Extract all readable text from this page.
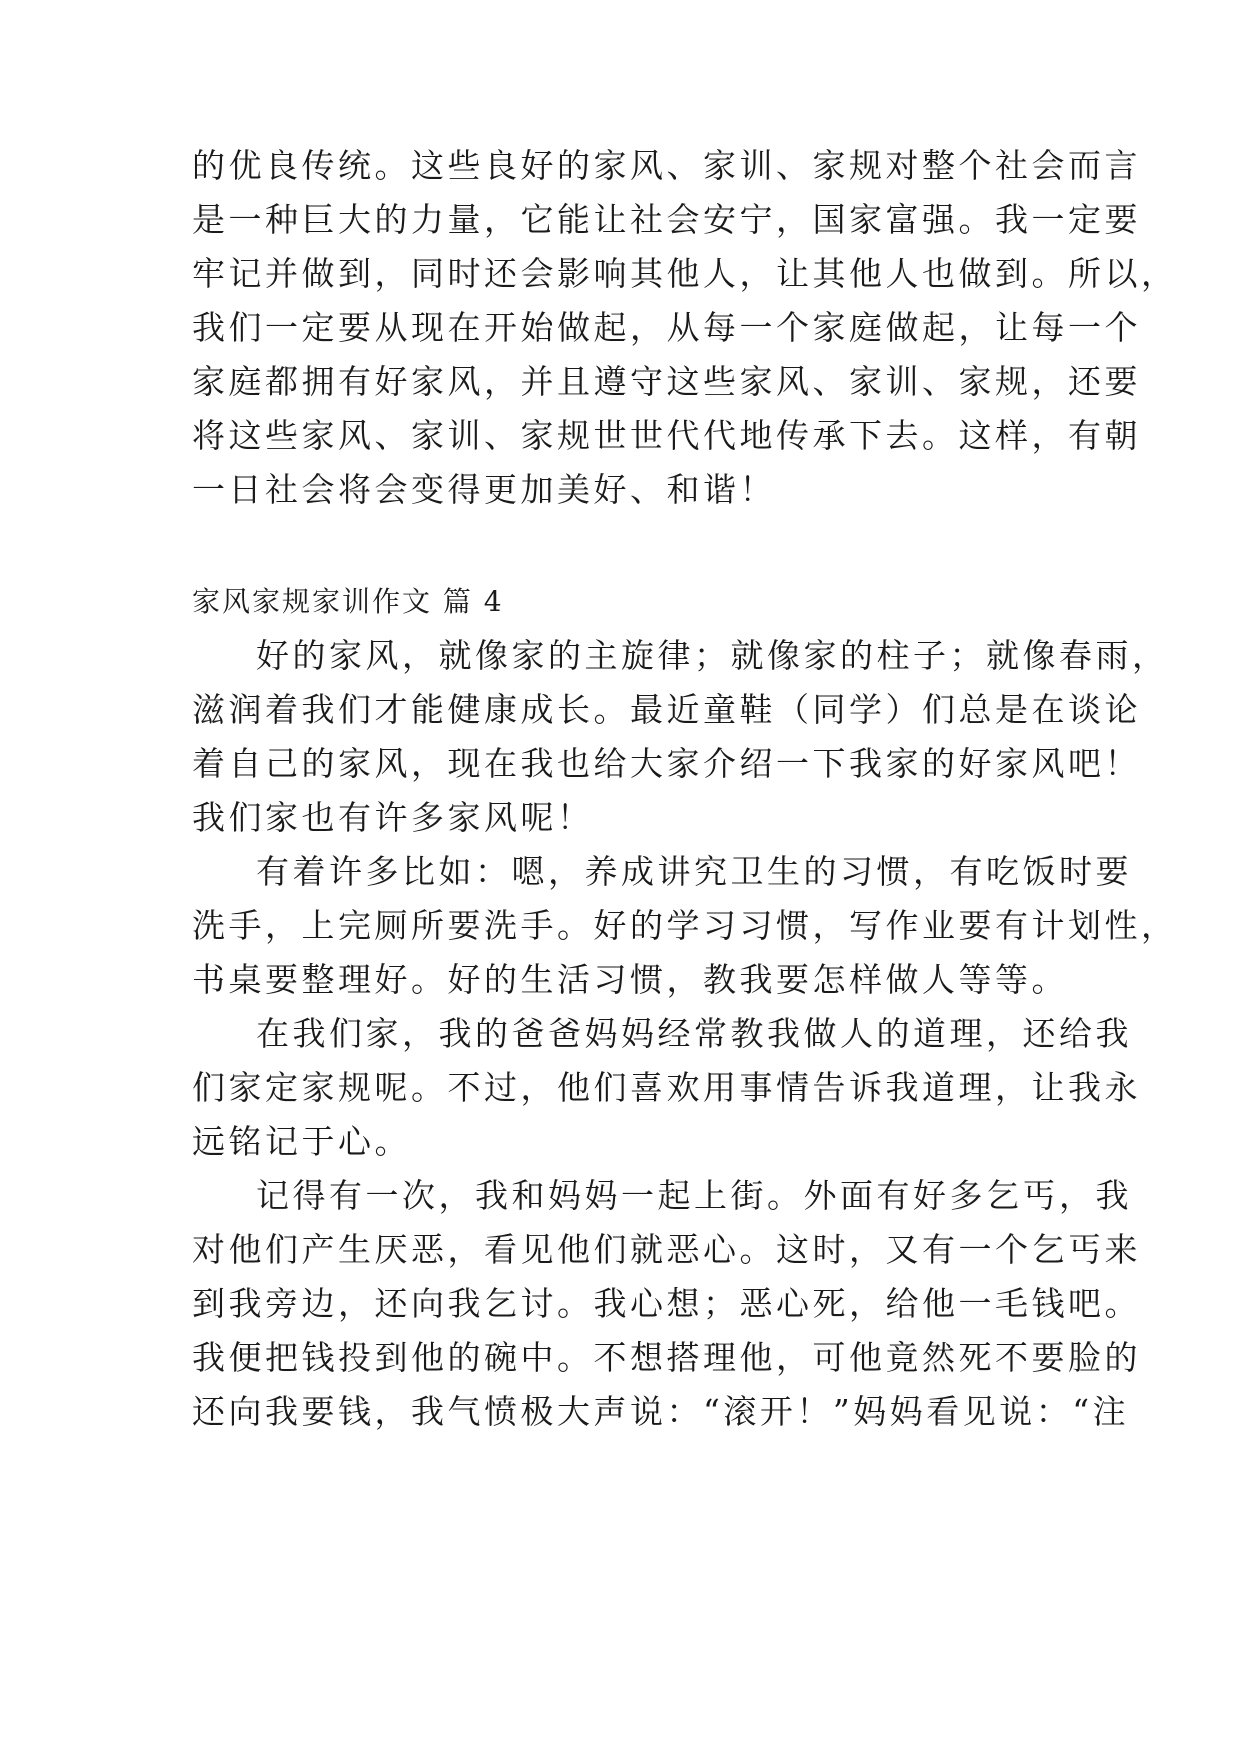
的优良传统。这些良好的家风、家训、家规对整个社会而言
是一种巨大的力量，它能让社会安宁，国家富强。我一定要
牢记并做到，同时还会影响其他人，让其他人也做到。所以，
我们一定要从现在开始做起，从每一个家庭做起，让每一个
家庭都拥有好家风，并且遵守这些家风、家训、家规，还要
将这些家风、家训、家规世世代代地传承下去。这样，有朝
一日社会将会变得更加美好、和谐！
家风家规家训作文 篇 4
好的家风，就像家的主旋律；就像家的柱子；就像春雨，
滋润着我们才能健康成长。最近童鞋（同学）们总是在谈论
着自己的家风，现在我也给大家介绍一下我家的好家风吧！
我们家也有许多家风呢！
有着许多比如：嗯，养成讲究卫生的习惯，有吃饭时要
洗手，上完厕所要洗手。好的学习习惯，写作业要有计划性，
书桌要整理好。好的生活习惯，教我要怎样做人等等。
在我们家，我的爸爸妈妈经常教我做人的道理，还给我
们家定家规呢。不过，他们喜欢用事情告诉我道理，让我永
远铭记于心。
记得有一次，我和妈妈一起上街。外面有好多乞丐，我
对他们产生厌恶，看见他们就恶心。这时，又有一个乞丐来
到我旁边，还向我乞讨。我心想；恶心死，给他一毛钱吧。
我便把钱投到他的碗中。不想搭理他，可他竟然死不要脸的
还向我要钱，我气愤极大声说：“滚开！”妈妈看见说：“注
